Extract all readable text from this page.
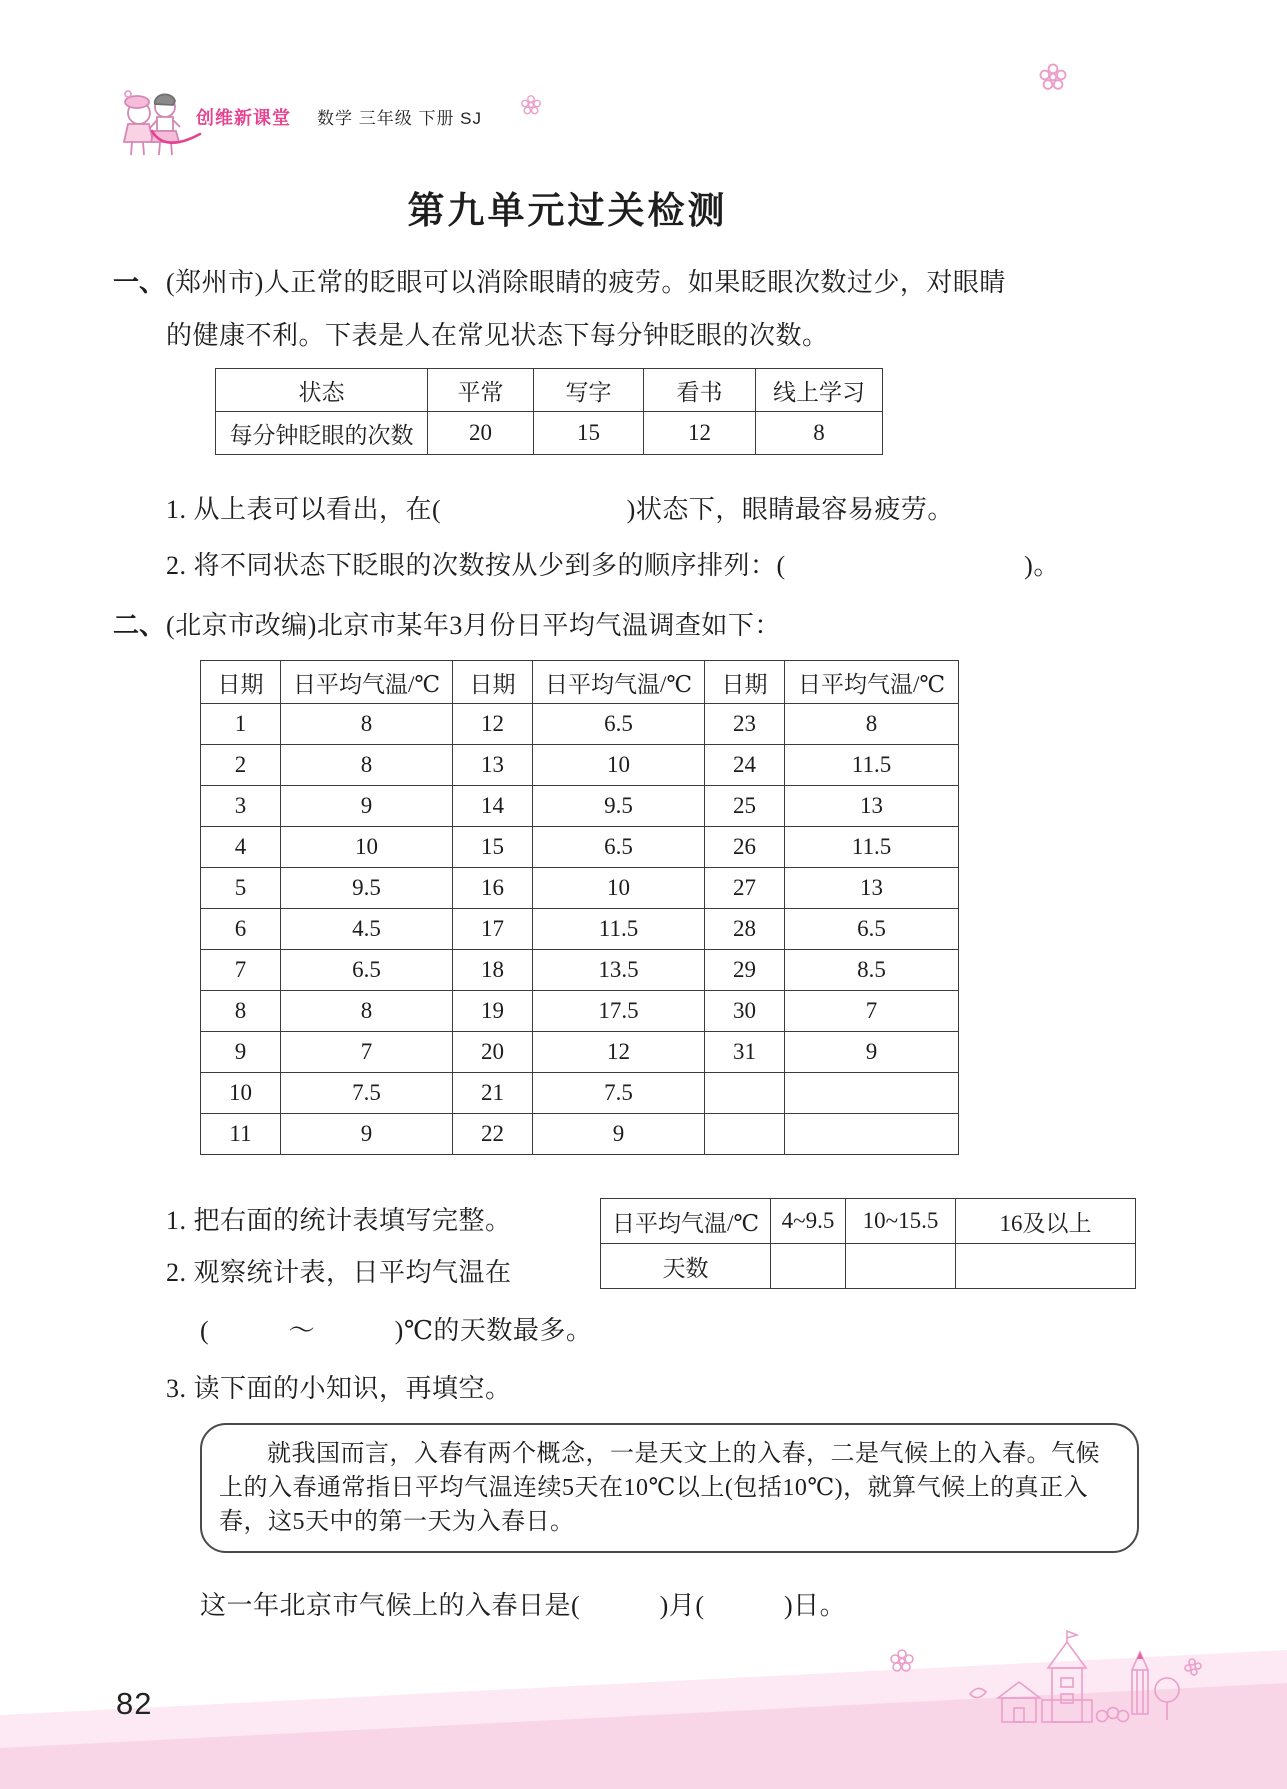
创维新课堂 数学 三年级 下册 SJ
第九单元过关检测
一、 (郑州市)人正常的眨眼可以消除眼睛的疲劳。如果眨眼次数过少，对眼睛
的健康不利。下表是人在常见状态下每分钟眨眼的次数。
状态	平常	写字	看书	线上学习
每分钟眨眼的次数	20	15	12	8
1. 从上表可以看出，在(　　　　　　　)状态下，眼睛最容易疲劳。
2. 将不同状态下眨眼的次数按从少到多的顺序排列：(　　　　　　　　　)。
二、 (北京市改编)北京市某年3月份日平均气温调查如下：
日期	日平均气温/℃	日期	日平均气温/℃	日期	日平均气温/℃
1	8	12	6.5	23	8
2	8	13	10	24	11.5
3	9	14	9.5	25	13
4	10	15	6.5	26	11.5
5	9.5	16	10	27	13
6	4.5	17	11.5	28	6.5
7	6.5	18	13.5	29	8.5
8	8	19	17.5	30	7
9	7	20	12	31	9
10	7.5	21	7.5		
11	9	22	9		
1. 把右面的统计表填写完整。	日平均气温/℃	4~9.5	10~15.5	16及以上
天数			
2. 观察统计表，日平均气温在
(　　　～　　　)℃的天数最多。
3. 读下面的小知识，再填空。
就我国而言，入春有两个概念，一是天文上的入春，二是气候上的入春。气候上的入春通常指日平均气温连续5天在10℃以上(包括10℃)，就算气候上的真正入春，这5天中的第一天为入春日。
这一年北京市气候上的入春日是(　　　)月(　　　)日。
82
